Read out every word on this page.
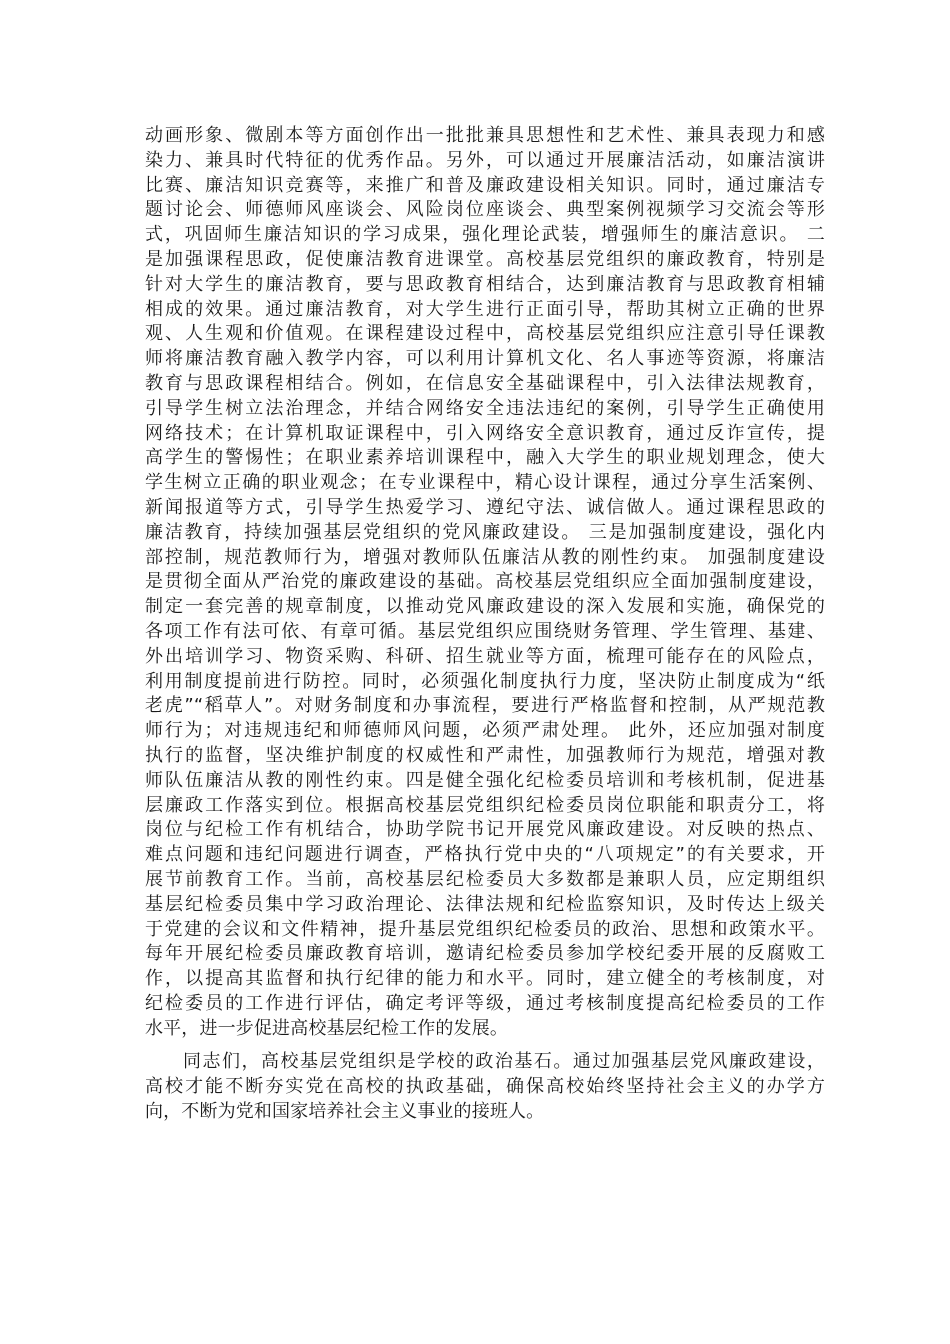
动画形象、微剧本等方面创作出一批批兼具思想性和艺术性、兼具表现力和感
染力、兼具时代特征的优秀作品。另外，可以通过开展廉洁活动，如廉洁演讲
比赛、廉洁知识竞赛等，来推广和普及廉政建设相关知识。同时，通过廉洁专
题讨论会、师德师风座谈会、风险岗位座谈会、典型案例视频学习交流会等形
式，巩固师生廉洁知识的学习成果，强化理论武装，增强师生的廉洁意识。 二
是加强课程思政，促使廉洁教育进课堂。高校基层党组织的廉政教育，特别是
针对大学生的廉洁教育，要与思政教育相结合，达到廉洁教育与思政教育相辅
相成的效果。通过廉洁教育，对大学生进行正面引导，帮助其树立正确的世界
观、人生观和价值观。在课程建设过程中，高校基层党组织应注意引导任课教
师将廉洁教育融入教学内容，可以利用计算机文化、名人事迹等资源，将廉洁
教育与思政课程相结合。例如，在信息安全基础课程中，引入法律法规教育，
引导学生树立法治理念，并结合网络安全违法违纪的案例，引导学生正确使用
网络技术；在计算机取证课程中，引入网络安全意识教育，通过反诈宣传，提
高学生的警惕性；在职业素养培训课程中，融入大学生的职业规划理念，使大
学生树立正确的职业观念；在专业课程中，精心设计课程，通过分享生活案例、
新闻报道等方式，引导学生热爱学习、遵纪守法、诚信做人。通过课程思政的
廉洁教育，持续加强基层党组织的党风廉政建设。 三是加强制度建设，强化内
部控制，规范教师行为，增强对教师队伍廉洁从教的刚性约束。 加强制度建设
是贯彻全面从严治党的廉政建设的基础。高校基层党组织应全面加强制度建设，
制定一套完善的规章制度，以推动党风廉政建设的深入发展和实施，确保党的
各项工作有法可依、有章可循。基层党组织应围绕财务管理、学生管理、基建、
外出培训学习、物资采购、科研、招生就业等方面，梳理可能存在的风险点，
利用制度提前进行防控。同时，必须强化制度执行力度，坚决防止制度成为“纸
老虎”“稻草人”。对财务制度和办事流程，要进行严格监督和控制，从严规范教
师行为；对违规违纪和师德师风问题，必须严肃处理。 此外，还应加强对制度
执行的监督，坚决维护制度的权威性和严肃性，加强教师行为规范，增强对教
师队伍廉洁从教的刚性约束。四是健全强化纪检委员培训和考核机制，促进基
层廉政工作落实到位。根据高校基层党组织纪检委员岗位职能和职责分工，将
岗位与纪检工作有机结合，协助学院书记开展党风廉政建设。对反映的热点、
难点问题和违纪问题进行调查，严格执行党中央的“八项规定”的有关要求，开
展节前教育工作。当前，高校基层纪检委员大多数都是兼职人员，应定期组织
基层纪检委员集中学习政治理论、法律法规和纪检监察知识，及时传达上级关
于党建的会议和文件精神，提升基层党组织纪检委员的政治、思想和政策水平。
每年开展纪检委员廉政教育培训，邀请纪检委员参加学校纪委开展的反腐败工
作，以提高其监督和执行纪律的能力和水平。同时，建立健全的考核制度，对
纪检委员的工作进行评估，确定考评等级，通过考核制度提高纪检委员的工作
水平，进一步促进高校基层纪检工作的发展。
同志们，高校基层党组织是学校的政治基石。通过加强基层党风廉政建设，
高校才能不断夯实党在高校的执政基础，确保高校始终坚持社会主义的办学方
向，不断为党和国家培养社会主义事业的接班人。
